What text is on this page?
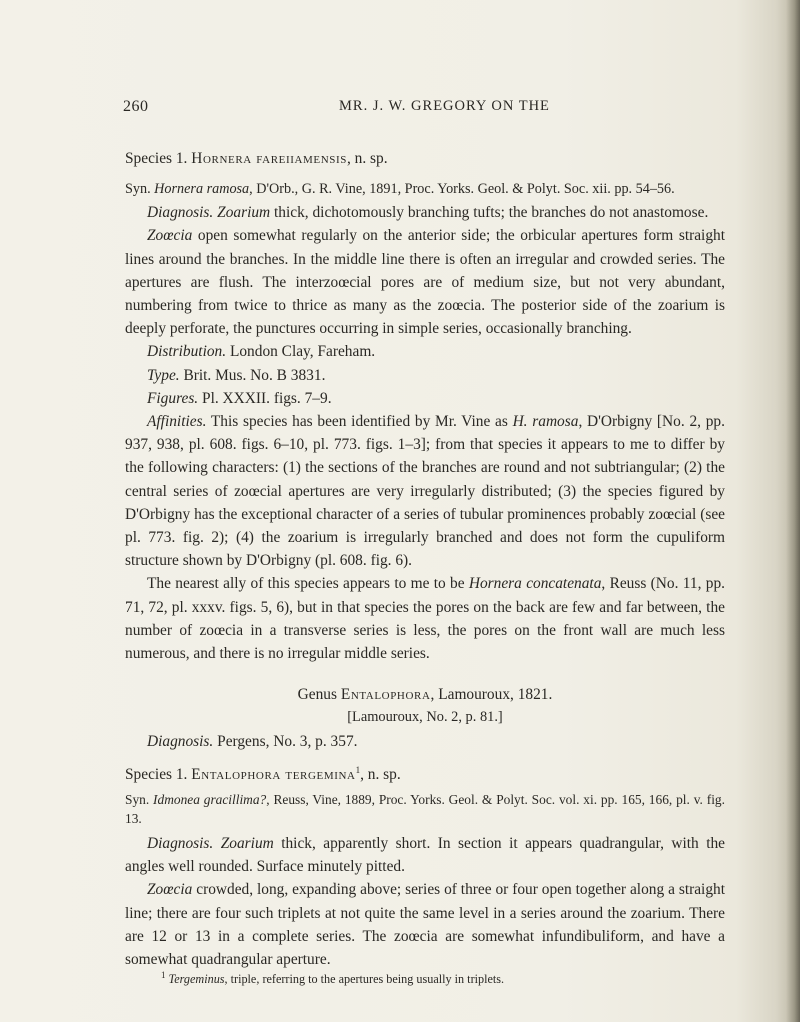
260	MR. J. W. GREGORY ON THE

Species 1. Hornera fareiiamensis, n. sp.

Syn. Hornera ramosa, D'Orb., G. R. Vine, 1891, Proc. Yorks. Geol. & Polyt. Soc. xii. pp. 54–56.

Diagnosis. Zoarium thick, dichotomously branching tufts; the branches do not anastomose.

Zoœcia open somewhat regularly on the anterior side; the orbicular apertures form straight lines around the branches. In the middle line there is often an irregular and crowded series. The apertures are flush. The interzoœcial pores are of medium size, but not very abundant, numbering from twice to thrice as many as the zoœcia. The posterior side of the zoarium is deeply perforate, the punctures occurring in simple series, occasionally branching.

Distribution. London Clay, Fareham.

Type. Brit. Mus. No. B 3831.

Figures. Pl. XXXII. figs. 7–9.

Affinities. This species has been identified by Mr. Vine as H. ramosa, D'Orbigny [No. 2, pp. 937, 938, pl. 608. figs. 6–10, pl. 773. figs. 1–3]; from that species it appears to me to differ by the following characters: (1) the sections of the branches are round and not subtriangular; (2) the central series of zoœcial apertures are very irregularly distributed; (3) the species figured by D'Orbigny has the exceptional character of a series of tubular prominences probably zoœcial (see pl. 773. fig. 2); (4) the zoarium is irregularly branched and does not form the cupuliform structure shown by D'Orbigny (pl. 608. fig. 6).

The nearest ally of this species appears to me to be Hornera concatenata, Reuss (No. 11, pp. 71, 72, pl. xxxv. figs. 5, 6), but in that species the pores on the back are few and far between, the number of zoœcia in a transverse series is less, the pores on the front wall are much less numerous, and there is no irregular middle series.

Genus Entalophora, Lamouroux, 1821.

[Lamouroux, No. 2, p. 81.]

Diagnosis. Pergens, No. 3, p. 357.

Species 1. Entalophora tergemina$^1$, n. sp.

Syn. Idmonea gracillima?, Reuss, Vine, 1889, Proc. Yorks. Geol. & Polyt. Soc. vol. xi. pp. 165, 166, pl. v. fig. 13.

Diagnosis. Zoarium thick, apparently short. In section it appears quadrangular, with the angles well rounded. Surface minutely pitted.

Zoœcia crowded, long, expanding above; series of three or four open together along a straight line; there are four such triplets at not quite the same level in a series around the zoarium. There are 12 or 13 in a complete series. The zoœcia are somewhat infundibuliform, and have a somewhat quadrangular aperture.

$^1$ Tergeminus, triple, referring to the apertures being usually in triplets.
